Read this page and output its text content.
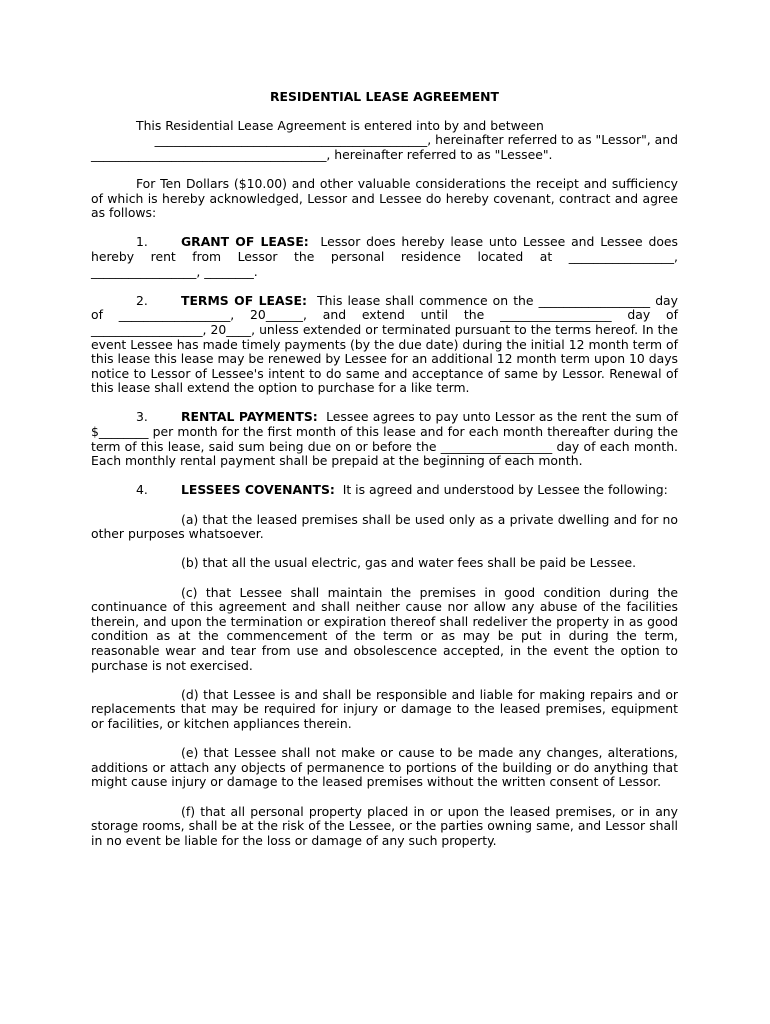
RESIDENTIAL LEASE AGREEMENT

This Residential Lease Agreement is entered into by and between

____________________________________________, hereinafter referred to as "Lessor", and

______________________________________, hereinafter referred to as "Lessee".

For Ten Dollars ($10.00) and other valuable considerations the receipt and sufficiency of which is hereby acknowledged, Lessor and Lessee do hereby covenant, contract and agree as follows:

1.	GRANT OF LEASE: Lessor does hereby lease unto Lessee and Lessee does hereby rent from Lessor the personal residence located at _________________, _________________, ________.

2.	TERMS OF LEASE: This lease shall commence on the __________________ day of __________________, 20______, and extend until the __________________ day of __________________, 20____, unless extended or terminated pursuant to the terms hereof. In the event Lessee has made timely payments (by the due date) during the initial 12 month term of this lease this lease may be renewed by Lessee for an additional 12 month term upon 10 days notice to Lessor of Lessee's intent to do same and acceptance of same by Lessor. Renewal of this lease shall extend the option to purchase for a like term.

3.	RENTAL PAYMENTS: Lessee agrees to pay unto Lessor as the rent the sum of $________ per month for the first month of this lease and for each month thereafter during the term of this lease, said sum being due on or before the __________________ day of each month. Each monthly rental payment shall be prepaid at the beginning of each month.

4.	LESSEES COVENANTS: It is agreed and understood by Lessee the following:

(a) that the leased premises shall be used only as a private dwelling and for no other purposes whatsoever.

(b) that all the usual electric, gas and water fees shall be paid be Lessee.

(c) that Lessee shall maintain the premises in good condition during the continuance of this agreement and shall neither cause nor allow any abuse of the facilities therein, and upon the termination or expiration thereof shall redeliver the property in as good condition as at the commencement of the term or as may be put in during the term, reasonable wear and tear from use and obsolescence accepted, in the event the option to purchase is not exercised.

(d) that Lessee is and shall be responsible and liable for making repairs and or replacements that may be required for injury or damage to the leased premises, equipment or facilities, or kitchen appliances therein.

(e) that Lessee shall not make or cause to be made any changes, alterations, additions or attach any objects of permanence to portions of the building or do anything that might cause injury or damage to the leased premises without the written consent of Lessor.

(f) that all personal property placed in or upon the leased premises, or in any storage rooms, shall be at the risk of the Lessee, or the parties owning same, and Lessor shall in no event be liable for the loss or damage of any such property.
